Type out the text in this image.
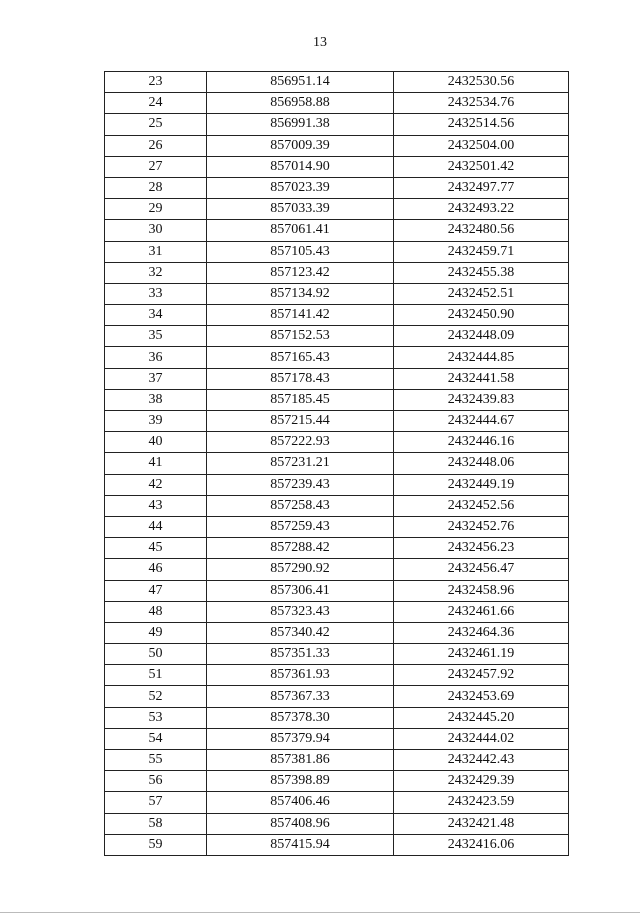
13
23	856951.14	2432530.56
24	856958.88	2432534.76
25	856991.38	2432514.56
26	857009.39	2432504.00
27	857014.90	2432501.42
28	857023.39	2432497.77
29	857033.39	2432493.22
30	857061.41	2432480.56
31	857105.43	2432459.71
32	857123.42	2432455.38
33	857134.92	2432452.51
34	857141.42	2432450.90
35	857152.53	2432448.09
36	857165.43	2432444.85
37	857178.43	2432441.58
38	857185.45	2432439.83
39	857215.44	2432444.67
40	857222.93	2432446.16
41	857231.21	2432448.06
42	857239.43	2432449.19
43	857258.43	2432452.56
44	857259.43	2432452.76
45	857288.42	2432456.23
46	857290.92	2432456.47
47	857306.41	2432458.96
48	857323.43	2432461.66
49	857340.42	2432464.36
50	857351.33	2432461.19
51	857361.93	2432457.92
52	857367.33	2432453.69
53	857378.30	2432445.20
54	857379.94	2432444.02
55	857381.86	2432442.43
56	857398.89	2432429.39
57	857406.46	2432423.59
58	857408.96	2432421.48
59	857415.94	2432416.06
